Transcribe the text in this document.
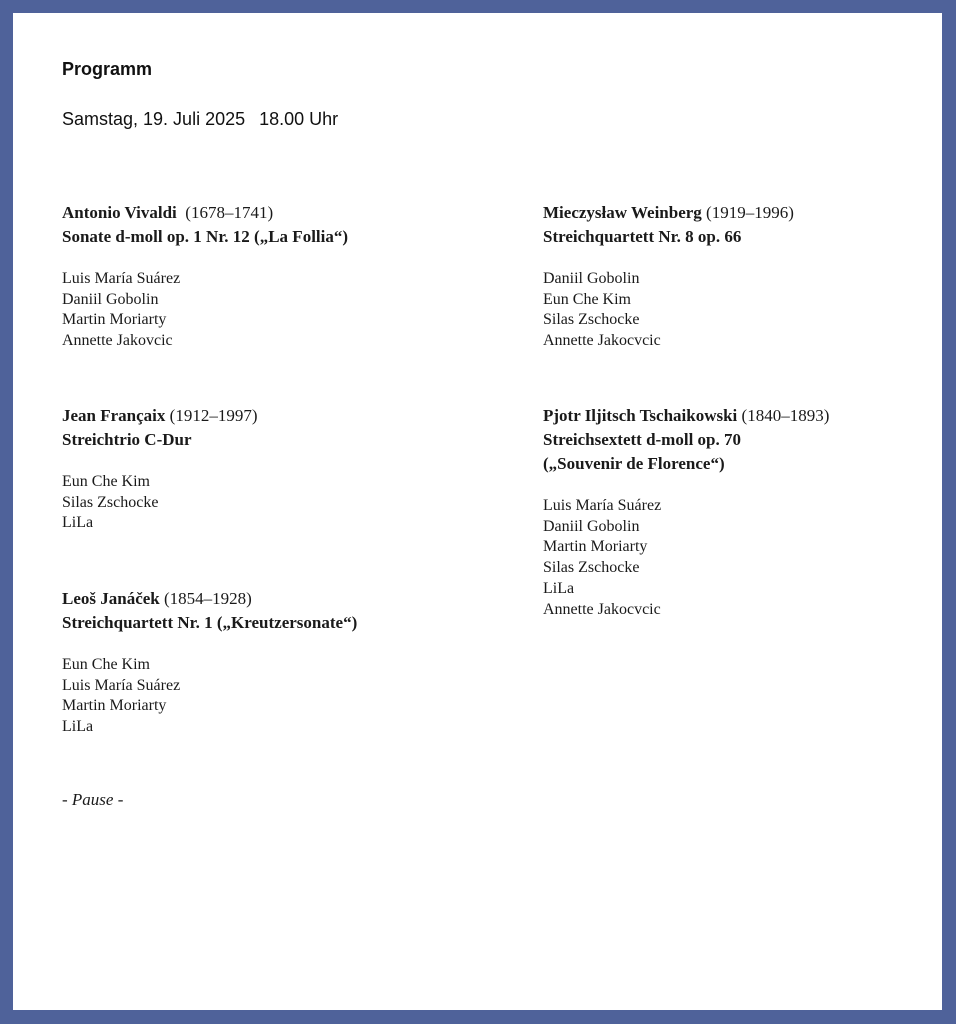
Programm

Samstag, 19. Juli 2025 18.00 Uhr

Antonio Vivaldi (1678–1741)

Sonate d-moll op. 1 Nr. 12 („La Follia“)

Luis María Suárez
Daniil Gobolin
Martin Moriarty
Annette Jakovcic

Jean Françaix (1912–1997)

Streichtrio C-Dur

Eun Che Kim
Silas Zschocke
LiLa

Leoš Janáček (1854–1928)

Streichquartett Nr. 1 („Kreutzersonate“)

Eun Che Kim
Luis María Suárez
Martin Moriarty
LiLa

Mieczysław Weinberg (1919–1996)

Streichquartett Nr. 8 op. 66

Daniil Gobolin
Eun Che Kim
Silas Zschocke
Annette Jakocvcic

Pjotr Iljitsch Tschaikowski (1840–1893)

Streichsextett d-moll op. 70

(„Souvenir de Florence“)

Luis María Suárez
Daniil Gobolin
Martin Moriarty
Silas Zschocke
LiLa
Annette Jakocvcic

- Pause -
